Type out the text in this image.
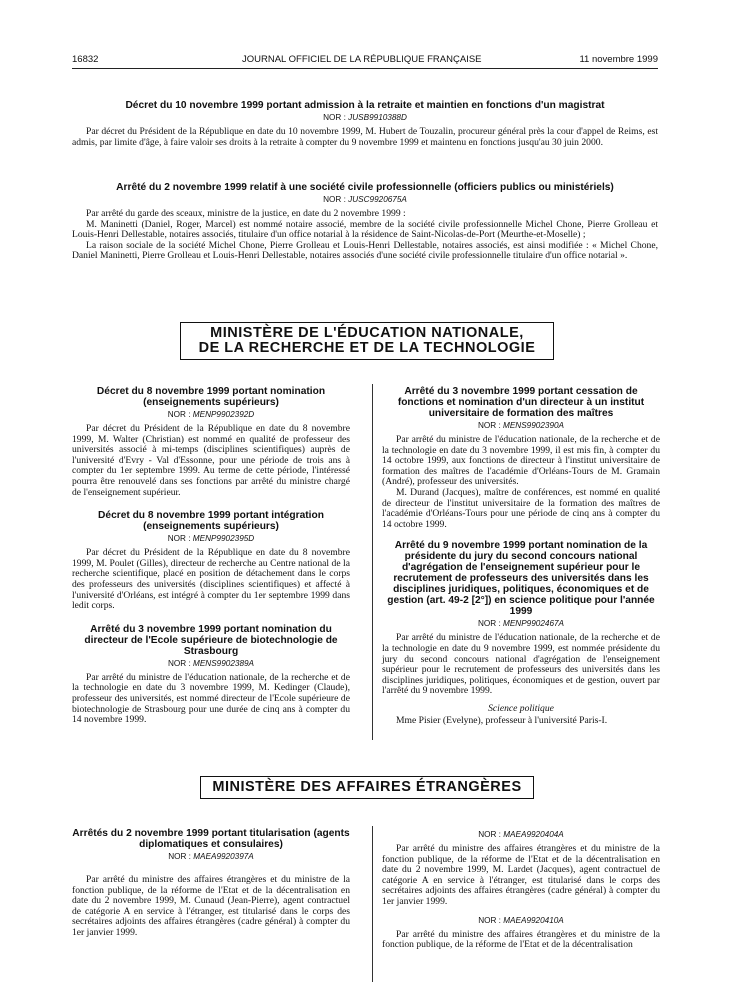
16832	JOURNAL OFFICIEL DE LA RÉPUBLIQUE FRANÇAISE	11 novembre 1999
Décret du 10 novembre 1999 portant admission à la retraite et maintien en fonctions d'un magistrat
NOR : JUSB9910388D

Par décret du Président de la République en date du 10 novembre 1999, M. Hubert de Touzalin, procureur général près la cour d'appel de Reims, est admis, par limite d'âge, à faire valoir ses droits à la retraite à compter du 9 novembre 1999 et maintenu en fonctions jusqu'au 30 juin 2000.

Arrêté du 2 novembre 1999 relatif à une société civile professionnelle (officiers publics ou ministériels)
NOR : JUSC9920675A

Par arrêté du garde des sceaux, ministre de la justice, en date du 2 novembre 1999 :

M. Maninetti (Daniel, Roger, Marcel) est nommé notaire associé, membre de la société civile professionnelle Michel Chone, Pierre Grolleau et Louis-Henri Dellestable, notaires associés, titulaire d'un office notarial à la résidence de Saint-Nicolas-de-Port (Meurthe-et-Moselle) ;

La raison sociale de la société Michel Chone, Pierre Grolleau et Louis-Henri Dellestable, notaires associés, est ainsi modifiée : « Michel Chone, Daniel Maninetti, Pierre Grolleau et Louis-Henri Dellestable, notaires associés d'une société civile professionnelle titulaire d'un office notarial ».

MINISTÈRE DE L'ÉDUCATION NATIONALE,
DE LA RECHERCHE ET DE LA TECHNOLOGIE
Décret du 8 novembre 1999 portant nomination (enseignements supérieurs)
NOR : MENP9902392D

Par décret du Président de la République en date du 8 novembre 1999, M. Walter (Christian) est nommé en qualité de professeur des universités associé à mi-temps (disciplines scientifiques) auprès de l'université d'Evry - Val d'Essonne, pour une période de trois ans à compter du 1er septembre 1999. Au terme de cette période, l'intéressé pourra être renouvelé dans ses fonctions par arrêté du ministre chargé de l'enseignement supérieur.

Décret du 8 novembre 1999 portant intégration (enseignements supérieurs)
NOR : MENP9902395D

Par décret du Président de la République en date du 8 novembre 1999, M. Poulet (Gilles), directeur de recherche au Centre national de la recherche scientifique, placé en position de détachement dans le corps des professeurs des universités (disciplines scientifiques) et affecté à l'université d'Orléans, est intégré à compter du 1er septembre 1999 dans ledit corps.

Arrêté du 3 novembre 1999 portant nomination du directeur de l'Ecole supérieure de biotechnologie de Strasbourg
NOR : MENS9902389A

Par arrêté du ministre de l'éducation nationale, de la recherche et de la technologie en date du 3 novembre 1999, M. Kedinger (Claude), professeur des universités, est nommé directeur de l'Ecole supérieure de biotechnologie de Strasbourg pour une durée de cinq ans à compter du 14 novembre 1999.

Arrêté du 3 novembre 1999 portant cessation de fonctions et nomination d'un directeur à un institut universitaire de formation des maîtres
NOR : MENS9902390A

Par arrêté du ministre de l'éducation nationale, de la recherche et de la technologie en date du 3 novembre 1999, il est mis fin, à compter du 14 octobre 1999, aux fonctions de directeur à l'institut universitaire de formation des maîtres de l'académie d'Orléans-Tours de M. Gramain (André), professeur des universités.

M. Durand (Jacques), maître de conférences, est nommé en qualité de directeur de l'institut universitaire de la formation des maîtres de l'académie d'Orléans-Tours pour une période de cinq ans à compter du 14 octobre 1999.

Arrêté du 9 novembre 1999 portant nomination de la présidente du jury du second concours national d'agrégation de l'enseignement supérieur pour le recrutement de professeurs des universités dans les disciplines juridiques, politiques, économiques et de gestion (art. 49-2 [2°]) en science politique pour l'année 1999
NOR : MENP9902467A

Par arrêté du ministre de l'éducation nationale, de la recherche et de la technologie en date du 9 novembre 1999, est nommée présidente du jury du second concours national d'agrégation de l'enseignement supérieur pour le recrutement de professeurs des universités dans les disciplines juridiques, politiques, économiques et de gestion, ouvert par l'arrêté du 9 novembre 1999.

Science politique

Mme Pisier (Evelyne), professeur à l'université Paris-I.

MINISTÈRE DES AFFAIRES ÉTRANGÈRES
Arrêtés du 2 novembre 1999 portant titularisation (agents diplomatiques et consulaires)
NOR : MAEA9920397A

Par arrêté du ministre des affaires étrangères et du ministre de la fonction publique, de la réforme de l'Etat et de la décentralisation en date du 2 novembre 1999, M. Cunaud (Jean-Pierre), agent contractuel de catégorie A en service à l'étranger, est titularisé dans le corps des secrétaires adjoints des affaires étrangères (cadre général) à compter du 1er janvier 1999.

NOR : MAEA9920404A

Par arrêté du ministre des affaires étrangères et du ministre de la fonction publique, de la réforme de l'Etat et de la décentralisation en date du 2 novembre 1999, M. Lardet (Jacques), agent contractuel de catégorie A en service à l'étranger, est titularisé dans le corps des secrétaires adjoints des affaires étrangères (cadre général) à compter du 1er janvier 1999.

NOR : MAEA9920410A

Par arrêté du ministre des affaires étrangères et du ministre de la fonction publique, de la réforme de l'Etat et de la décentralisation
